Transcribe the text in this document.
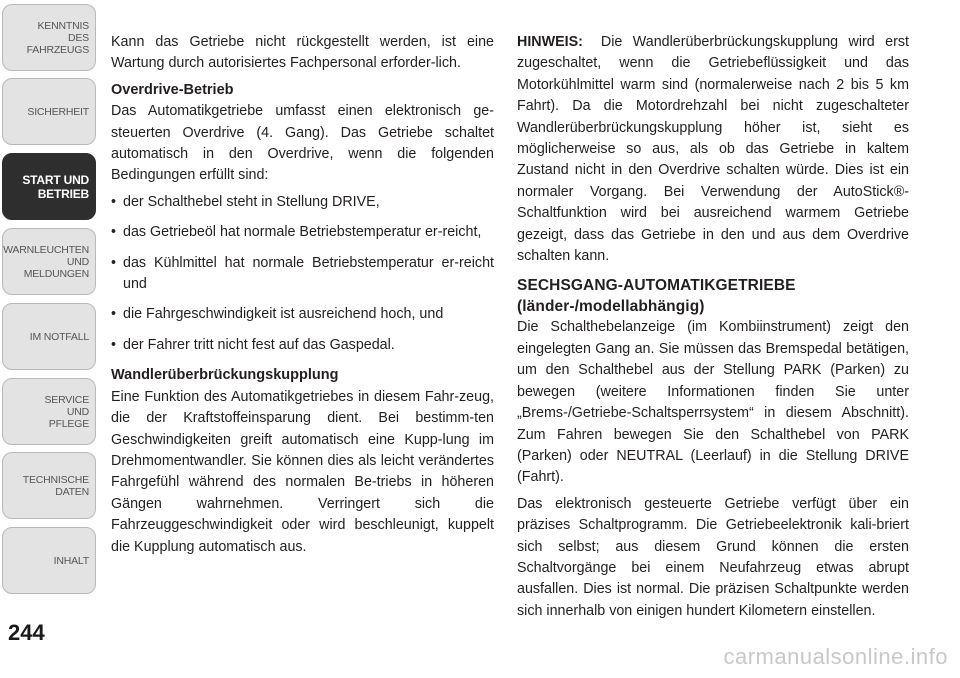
KENNTNIS
DES
FAHRZEUGS
SICHERHEIT
START UND
BETRIEB
WARNLEUCHTEN
UND
MELDUNGEN
IM NOTFALL
SERVICE
UND
PFLEGE
TECHNISCHE
DATEN
INHALT
244

Kann das Getriebe nicht rückgestellt werden, ist eine Wartung durch autorisiertes Fachpersonal erforder-lich.

Overdrive-Betrieb

Das Automatikgetriebe umfasst einen elektronisch ge-steuerten Overdrive (4. Gang). Das Getriebe schaltet automatisch in den Overdrive, wenn die folgenden Bedingungen erfüllt sind:

• der Schalthebel steht in Stellung DRIVE,
• das Getriebeöl hat normale Betriebstemperatur er-reicht,
• das Kühlmittel hat normale Betriebstemperatur er-reicht und
• die Fahrgeschwindigkeit ist ausreichend hoch, und
• der Fahrer tritt nicht fest auf das Gaspedal.
Wandlerüberbrückungskupplung

Eine Funktion des Automatikgetriebes in diesem Fahr-zeug, die der Kraftstoffeinsparung dient. Bei bestimm-ten Geschwindigkeiten greift automatisch eine Kupp-lung im Drehmomentwandler. Sie können dies als leicht verändertes Fahrgefühl während des normalen Be-triebs in höheren Gängen wahrnehmen. Verringert sich die Fahrzeuggeschwindigkeit oder wird beschleunigt, kuppelt die Kupplung automatisch aus.

HINWEIS: Die Wandlerüberbrückungskupplung wird erst zugeschaltet, wenn die Getriebeflüssigkeit und das Motorkühlmittel warm sind (normalerweise nach 2 bis 5 km Fahrt). Da die Motordrehzahl bei nicht zugeschalteter Wandlerüberbrückungskupplung höher ist, sieht es möglicherweise so aus, als ob das Getriebe in kaltem Zustand nicht in den Overdrive schalten würde. Dies ist ein normaler Vorgang. Bei Verwendung der AutoStick®-Schaltfunktion wird bei ausreichend warmem Getriebe gezeigt, dass das Getriebe in den und aus dem Overdrive schalten kann.

SECHSGANG-AUTOMATIKGETRIEBE
(länder-/modellabhängig)

Die Schalthebelanzeige (im Kombiinstrument) zeigt den eingelegten Gang an. Sie müssen das Bremspedal betätigen, um den Schalthebel aus der Stellung PARK (Parken) zu bewegen (weitere Informationen finden Sie unter „Brems-/Getriebe-Schaltsperrsystem“ in diesem Abschnitt). Zum Fahren bewegen Sie den Schalthebel von PARK (Parken) oder NEUTRAL (Leerlauf) in die Stellung DRIVE (Fahrt).

Das elektronisch gesteuerte Getriebe verfügt über ein präzises Schaltprogramm. Die Getriebeelektronik kali-briert sich selbst; aus diesem Grund können die ersten Schaltvorgänge bei einem Neufahrzeug etwas abrupt ausfallen. Dies ist normal. Die präzisen Schaltpunkte werden sich innerhalb von einigen hundert Kilometern einstellen.

carmanualsonline.info
